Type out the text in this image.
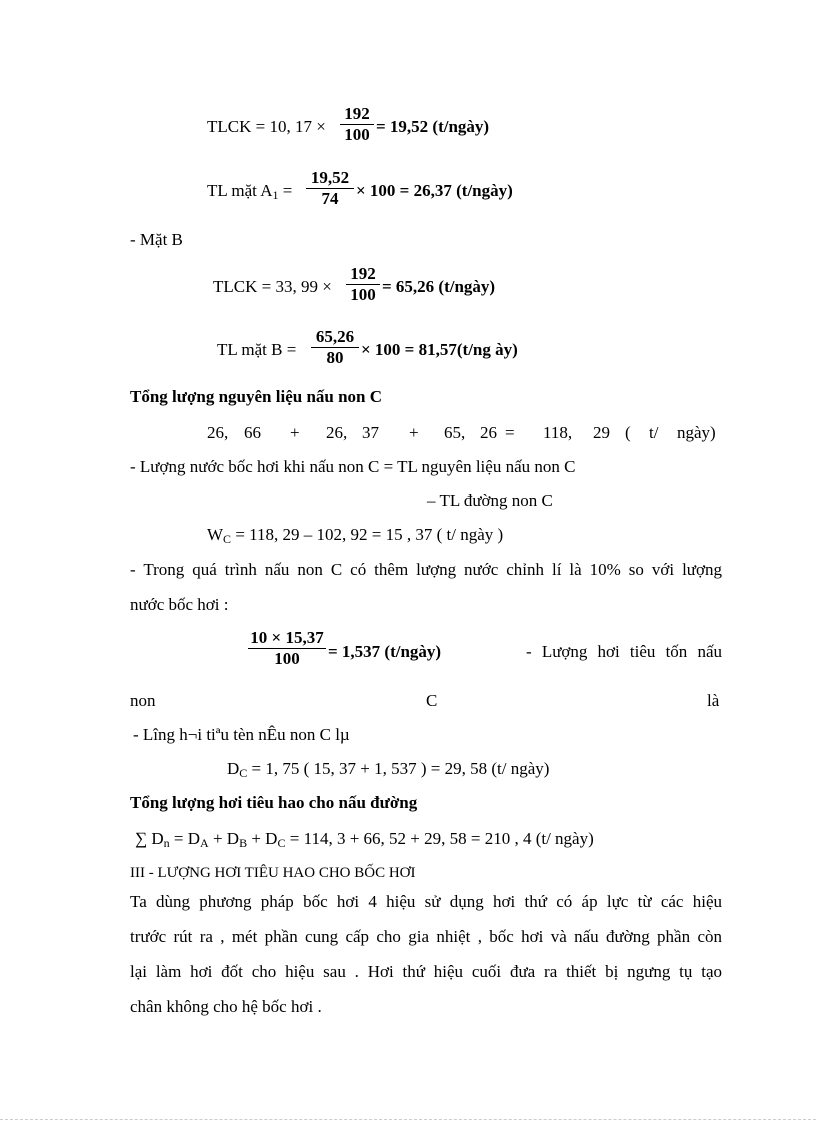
TLCK = 10, 17 ×
192
100 = 19,52 (t/ngày)
TL mặt $A_1$ =
19,52
74	× 100 = 26,37 (t/ngày)
- Mặt B
TLCK = 33, 99 ×
192
100 = 65,26 (t/ngày)
TL mặt B =
65,26
80	× 100 = 81,57(t/ng ày)
Tổng lượng nguyên liệu nấu non C
26, 66 + 26, 37 + 65, 26 = 118, 29 ( t/ ngày)
- Lượng nước bốc hơi khi nấu non C = TL nguyên liệu nấu non C
– TL đường non C
$W_C = 118$, 29 – 102, 92 = 15 , 37 ( t/ ngày )
- Trong quá trình nấu non C có thêm lượng nước chỉnh lí là 10% so với lượng
nước bốc hơi :
10 × 15,37
100	= 1,537 (t/ngày)	- Lượng hơi tiêu tốn nấu
non	C	là
- Lîng h¬i tiªu tèn nÊu non C lµ
$D_C = 1$, 75 ( 15, 37 + 1, 537 ) = 29, 58 (t/ ngày)
Tổng lượng hơi tiêu hao cho nấu đường
∑ $D_n = D_A + D_B + D_C = 114$, 3 + 66, 52 + 29, 58 = 210 , 4 (t/ ngày)
III - LƯỢNG HƠI TIÊU HAO CHO BỐC HƠI
Ta dùng phương pháp bốc hơi 4 hiệu sử dụng hơi thứ có áp lực từ các hiệu
trước rút ra , mét phần cung cấp cho gia nhiệt , bốc hơi và nấu đường phần còn
lại làm hơi đốt cho hiệu sau . Hơi thứ hiệu cuối đưa ra thiết bị ngưng tụ tạo
chân không cho hệ bốc hơi .
